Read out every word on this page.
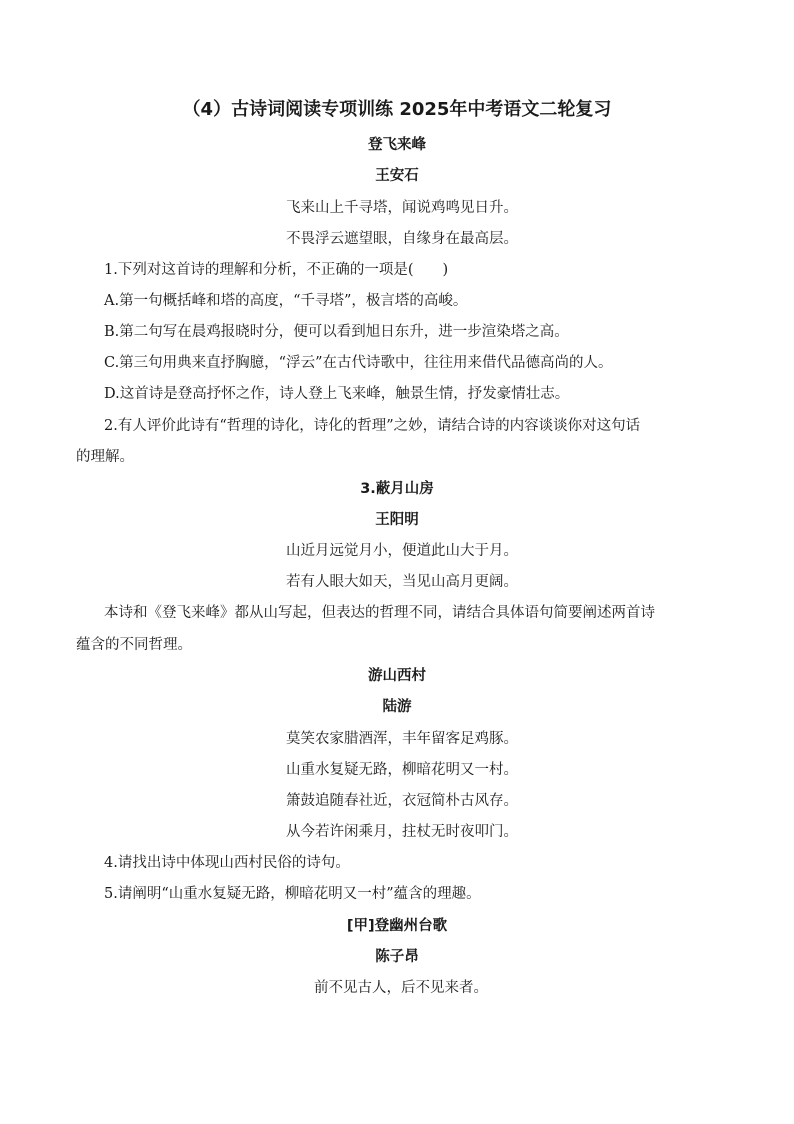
（4）古诗词阅读专项训练 2025年中考语文二轮复习
登飞来峰
王安石
飞来山上千寻塔，闻说鸡鸣见日升。
不畏浮云遮望眼，自缘身在最高层。
1.下列对这首诗的理解和分析，不正确的一项是(　　)
A.第一句概括峰和塔的高度，“千寻塔”，极言塔的高峻。
B.第二句写在晨鸡报晓时分，便可以看到旭日东升，进一步渲染塔之高。
C.第三句用典来直抒胸臆，“浮云”在古代诗歌中，往往用来借代品德高尚的人。
D.这首诗是登高抒怀之作，诗人登上飞来峰，触景生情，抒发豪情壮志。
2.有人评价此诗有“哲理的诗化，诗化的哲理”之妙，请结合诗的内容谈谈你对这句话
的理解。
3.蔽月山房
王阳明
山近月远觉月小，便道此山大于月。
若有人眼大如天，当见山高月更阔。
本诗和《登飞来峰》都从山写起，但表达的哲理不同，请结合具体语句简要阐述两首诗
蕴含的不同哲理。
游山西村
陆游
莫笑农家腊酒浑，丰年留客足鸡豚。
山重水复疑无路，柳暗花明又一村。
箫鼓追随春社近，衣冠简朴古风存。
从今若许闲乘月，拄杖无时夜叩门。
4.请找出诗中体现山西村民俗的诗句。
5.请阐明“山重水复疑无路，柳暗花明又一村”蕴含的理趣。
[甲]登幽州台歌
陈子昂
前不见古人，后不见来者。
